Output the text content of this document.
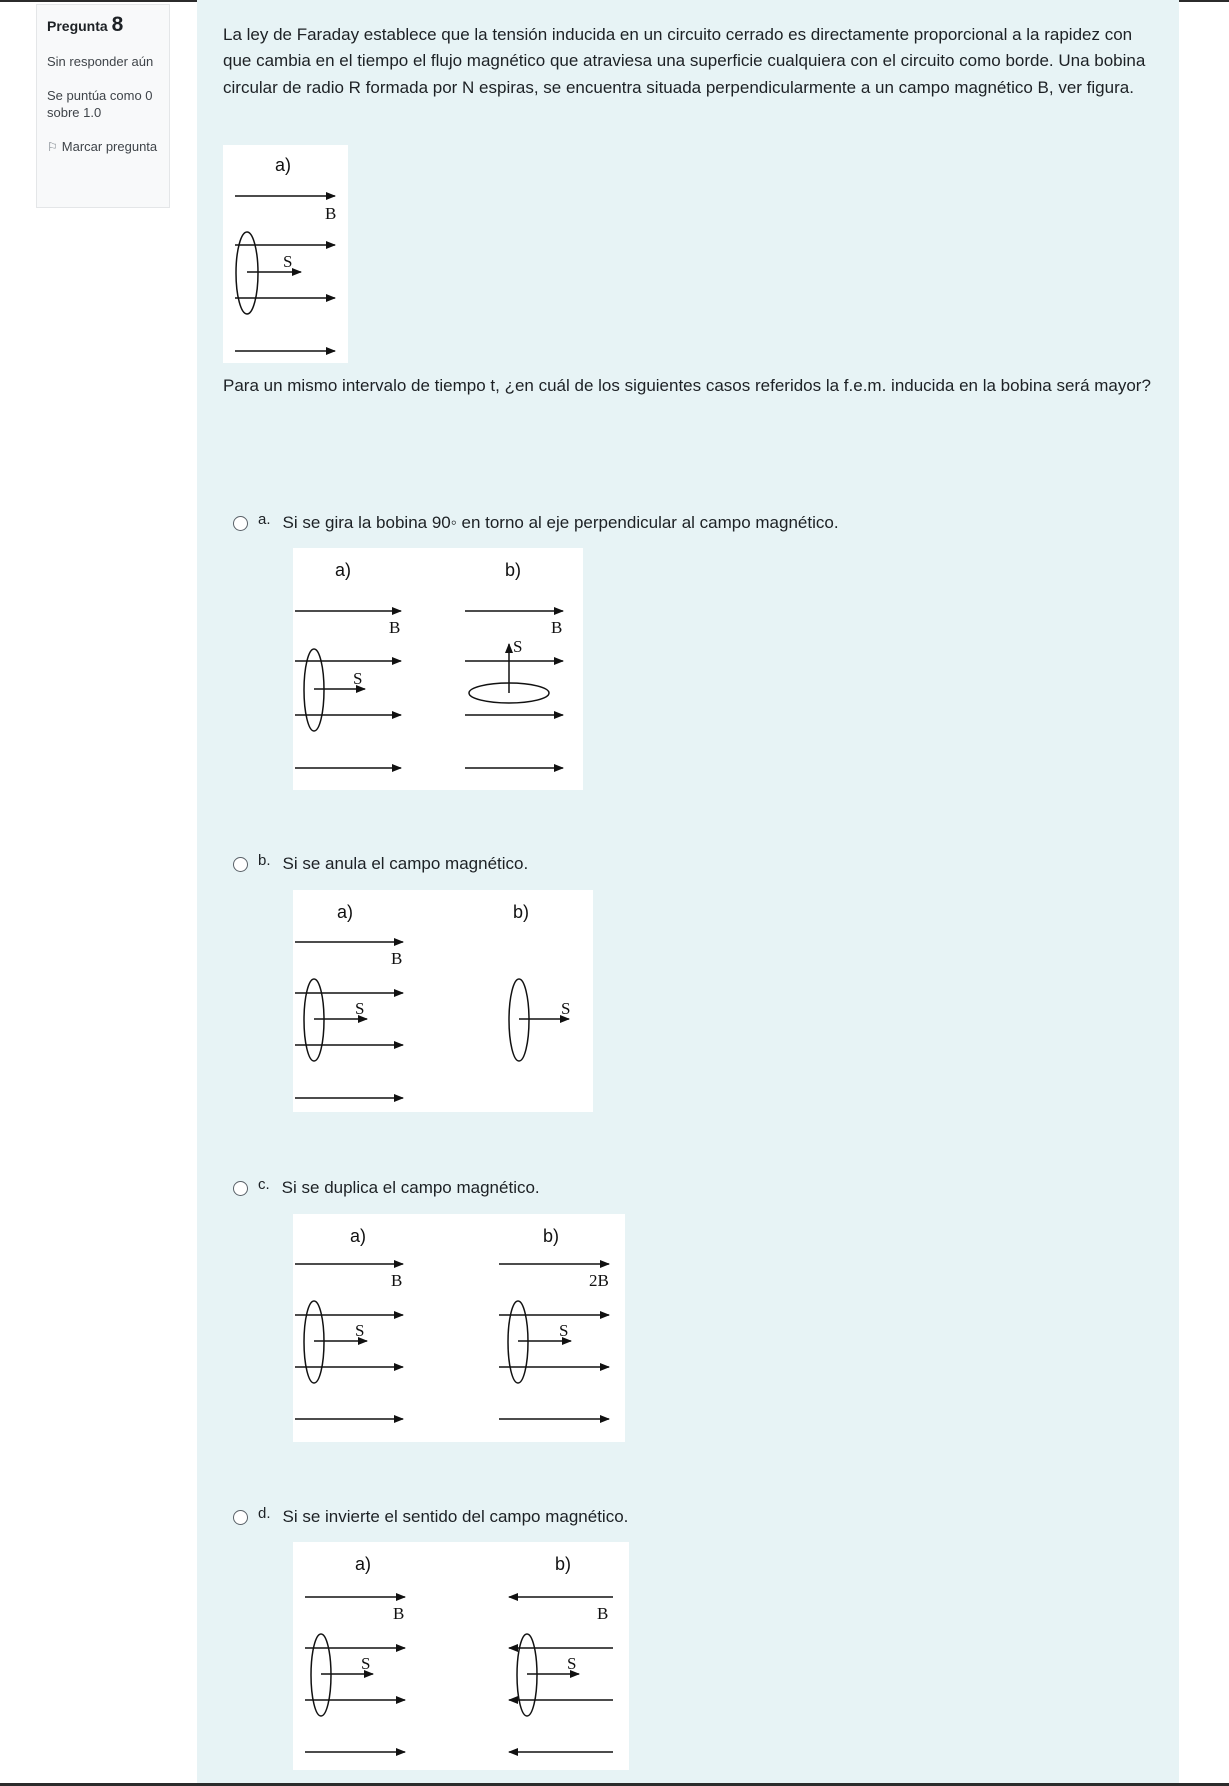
Pregunta 8
Sin responder aún
Se puntúa como 0 sobre 1.0
⚐ Marcar pregunta
La ley de Faraday establece que la tensión inducida en un circuito cerrado es directamente proporcional a la rapidez con que cambia en el tiempo el flujo magnético que atraviesa una superficie cualquiera con el circuito como borde. Una bobina circular de radio R formada por N espiras, se encuentra situada perpendicularmente a un campo magnético B, ver figura.
a)
B
S
Para un mismo intervalo de tiempo t, ¿en cuál de los siguientes casos referidos la f.e.m. inducida en la bobina será mayor?
a. Si se gira la bobina 90◦ en torno al eje perpendicular al campo magnético.
a)	b)
B
S
B
S
b. Si se anula el campo magnético.
a)	b)
B
S	S
c. Si se duplica el campo magnético.
a)	b)
B
S
2B
S
d. Si se invierte el sentido del campo magnético.
a)	b)
B
S
B
S
